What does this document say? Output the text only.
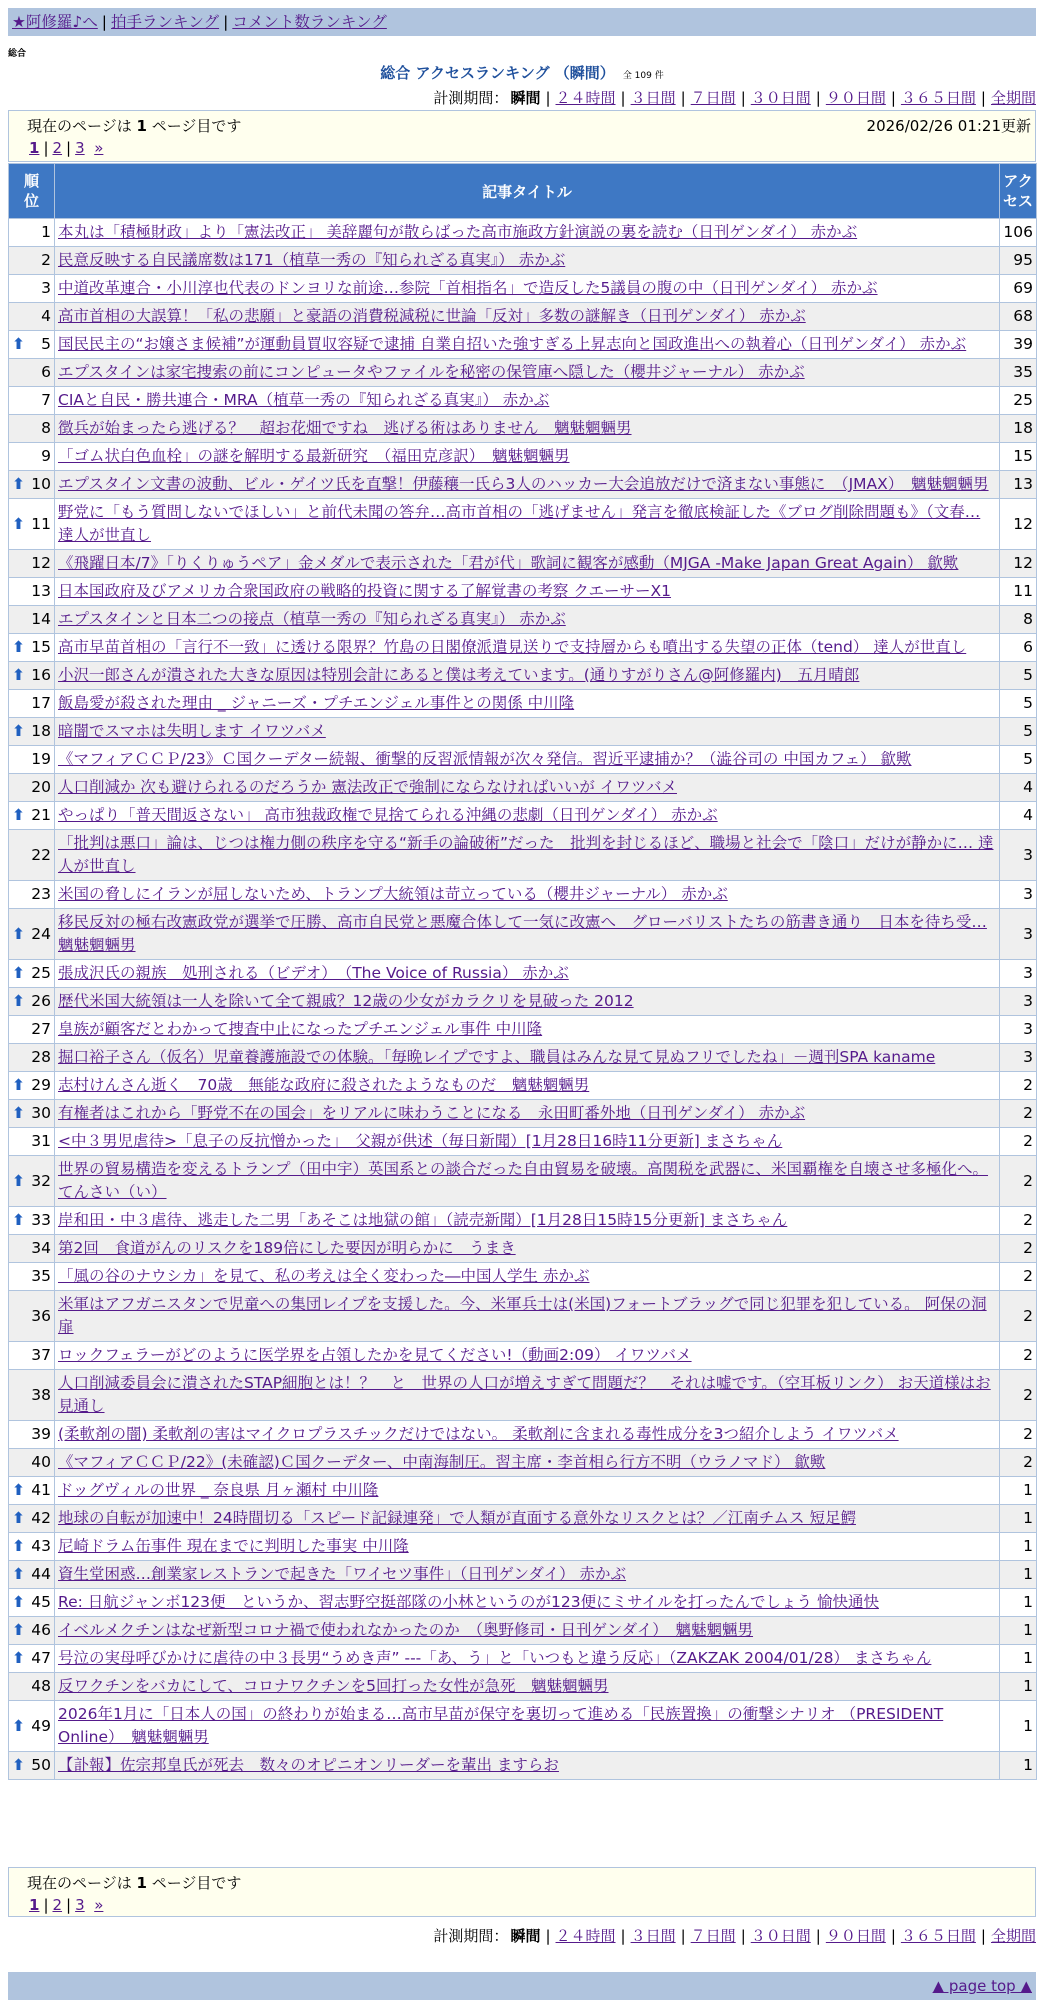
★阿修羅♪へ | 拍手ランキング | コメント数ランキング
総合
総合 アクセスランキング （瞬間） 全 109 件
計測期間： 瞬間 | ２４時間 | ３日間 | ７日間 | ３０日間 | ９０日間 | ３６５日間 | 全期間
現在のページは 1 ページ目です	2026/02/26 01:21更新
1 | 2 | 3 »
順位	記事タイトル	アクセス
1	本丸は「積極財政」より「憲法改正」 美辞麗句が散らばった高市施政方針演説の裏を読む（日刊ゲンダイ） 赤かぶ	106
2	民意反映する自民議席数は171（植草一秀の『知られざる真実』） 赤かぶ	95
3	中道改革連合・小川淳也代表のドンヨリな前途…参院「首相指名」で造反した5議員の腹の中（日刊ゲンダイ） 赤かぶ	69
4	高市首相の大誤算！「私の悲願」と豪語の消費税減税に世論「反対」多数の謎解き（日刊ゲンダイ） 赤かぶ	68

⬆ 5	国民民主の“お嬢さま候補”が運動員買収容疑で逮捕 自業自招いた強すぎる上昇志向と国政進出への執着心（日刊ゲンダイ） 赤かぶ	39
6	エプスタインは家宅捜索の前にコンピュータやファイルを秘密の保管庫へ隠した（櫻井ジャーナル） 赤かぶ	35
7	CIAと自民・勝共連合・MRA（植草一秀の『知られざる真実』） 赤かぶ	25
8	徴兵が始まったら逃げる？　超お花畑ですね　逃げる術はありません　魑魅魍魎男	18
9	「ゴム状白色血栓」の謎を解明する最新研究　（福田克彦訳）　魑魅魍魎男	15

⬆ 10	エプスタイン文書の波動、ビル・ゲイツ氏を直撃！伊藤穰一氏ら3人のハッカー大会追放だけで済まない事態に　（JMAX）　魑魅魍魎男	13

⬆ 11	野党に「もう質問しないでほしい」と前代未聞の答弁…高市首相の「逃げません」発言を徹底検証した《ブログ削除問題も》（文春… 達人が世直し	12
12	《飛躍日本/7》「りくりゅうペア」金メダルで表示された「君が代」歌詞に観客が感動（MJGA -Make Japan Great Again） 歙歟	12
13	日本国政府及びアメリカ合衆国政府の戦略的投資に関する了解覚書の考察 クエーサーX1	11
14	エプスタインと日本二つの接点（植草一秀の『知られざる真実』） 赤かぶ	8

⬆ 15	高市早苗首相の「言行不一致」に透ける限界？竹島の日閣僚派遣見送りで支持層からも噴出する失望の正体（tend） 達人が世直し	6

⬆ 16	小沢一郎さんが潰された大きな原因は特別会計にあると僕は考えています。(通りすがりさん@阿修羅内)　五月晴郎	5
17	飯島愛が殺された理由 _ ジャニーズ・プチエンジェル事件との関係 中川隆	5

⬆ 18	暗闇でスマホは失明します イワツバメ	5
19	《マフィアＣＣＰ/23》Ｃ国クーデター続報、衝撃的反習派情報が次々発信。習近平逮捕か？（澁谷司の 中国カフェ） 歙歟	5
20	人口削減か 次も避けられるのだろうか 憲法改正で強制にならなければいいが イワツバメ	4

⬆ 21	やっぱり「普天間返さない」 高市独裁政権で見捨てられる沖縄の悲劇（日刊ゲンダイ） 赤かぶ	4
22	「批判は悪口」論は、じつは権力側の秩序を守る“新手の論破術”だった　批判を封じるほど、職場と社会で「陰口」だけが静かに… 達人が世直し	3
23	米国の脅しにイランが屈しないため、トランプ大統領は苛立っている（櫻井ジャーナル） 赤かぶ	3

⬆ 24	移民反対の極右改憲政党が選挙で圧勝、高市自民党と悪魔合体して一気に改憲へ　グローバリストたちの筋書き通り　日本を待ち受… 魑魅魍魎男	3

⬆ 25	張成沢氏の親族　処刑される（ビデオ）　（The Voice of Russia） 赤かぶ	3

⬆ 26	歴代米国大統領は一人を除いて全て親戚？12歳の少女がカラクリを見破った 2012	3
27	皇族が顧客だとわかって捜査中止になったプチエンジェル事件 中川隆	3
28	掘口裕子さん（仮名）児童養護施設での体験。「毎晩レイプですよ、職員はみんな見て見ぬフリでしたね」－週刊SPA kaname	3

⬆ 29	志村けんさん逝く　70歳　無能な政府に殺されたようなものだ　魑魅魍魎男	2

⬆ 30	有権者はこれから「野党不在の国会」をリアルに味わうことになる　永田町番外地（日刊ゲンダイ） 赤かぶ	2
31	<中３男児虐待>「息子の反抗憎かった」　父親が供述（毎日新聞）[1月28日16時11分更新] まさちゃん	2

⬆ 32	世界の貿易構造を変えるトランプ（田中宇）英国系との談合だった自由貿易を破壊。高関税を武器に、米国覇権を自壊させ多極化へ。 てんさい（い）	2

⬆ 33	岸和田・中３虐待、逃走した二男「あそこは地獄の館」（読売新聞）[1月28日15時15分更新] まさちゃん	2
34	第2回　食道がんのリスクを189倍にした要因が明らかに　うまき	2
35	「風の谷のナウシカ」を見て、私の考えは全く変わった―中国人学生 赤かぶ	2
36	米軍はアフガニスタンで児童への集団レイプを支援した。今、米軍兵士は(米国)フォートブラッグで同じ犯罪を犯している。 阿保の洞扉	2
37	ロックフェラーがどのように医学界を占領したかを見てください!（動画2:09） イワツバメ	2
38	人口削減委員会に潰されたSTAP細胞とは！？　と　世界の人口が増えすぎて問題だ？　それは嘘です。（空耳板リンク） お天道様はお見通し	2
39	(柔軟剤の闇) 柔軟剤の害はマイクロプラスチックだけではない。 柔軟剤に含まれる毒性成分を3つ紹介しよう イワツバメ	2
40	《マフィアＣＣＰ/22》(未確認)Ｃ国クーデター、中南海制圧。習主席・李首相ら行方不明（ウラノマド） 歙歟	2

⬆ 41	ドッグヴィルの世界 _ 奈良県 月ヶ瀬村 中川隆	1

⬆ 42	地球の自転が加速中！24時間切る「スピード記録連発」で人類が直面する意外なリスクとは？／江南チムス 短足鰐	1

⬆ 43	尼崎ドラム缶事件 現在までに判明した事実 中川隆	1

⬆ 44	資生堂困惑…創業家レストランで起きた「ワイセツ事件」（日刊ゲンダイ） 赤かぶ	1

⬆ 45	Re: 日航ジャンボ123便　というか、習志野空挺部隊の小林というのが123便にミサイルを打ったんでしょう 愉快通快	1

⬆ 46	イベルメクチンはなぜ新型コロナ禍で使われなかったのか　（奥野修司・日刊ゲンダイ）　魑魅魍魎男	1

⬆ 47	号泣の実母呼びかけに虐待の中３長男“うめき声” ---「あ、う」と「いつもと違う反応」（ZAKZAK 2004/01/28） まさちゃん	1
48	反ワクチンをバカにして、コロナワクチンを5回打った女性が急死　魑魅魍魎男	1

⬆ 49	2026年1月に「日本人の国」の終わりが始まる…高市早苗が保守を裏切って進める「民族置換」の衝撃シナリオ （PRESIDENT Online）　魑魅魍魎男	1

⬆ 50	【訃報】佐宗邦皇氏が死去　数々のオピニオンリーダーを輩出 ますらお	1
現在のページは 1 ページ目です
1 | 2 | 3 »
計測期間： 瞬間 | ２４時間 | ３日間 | ７日間 | ３０日間 | ９０日間 | ３６５日間 | 全期間
▲ page top ▲
